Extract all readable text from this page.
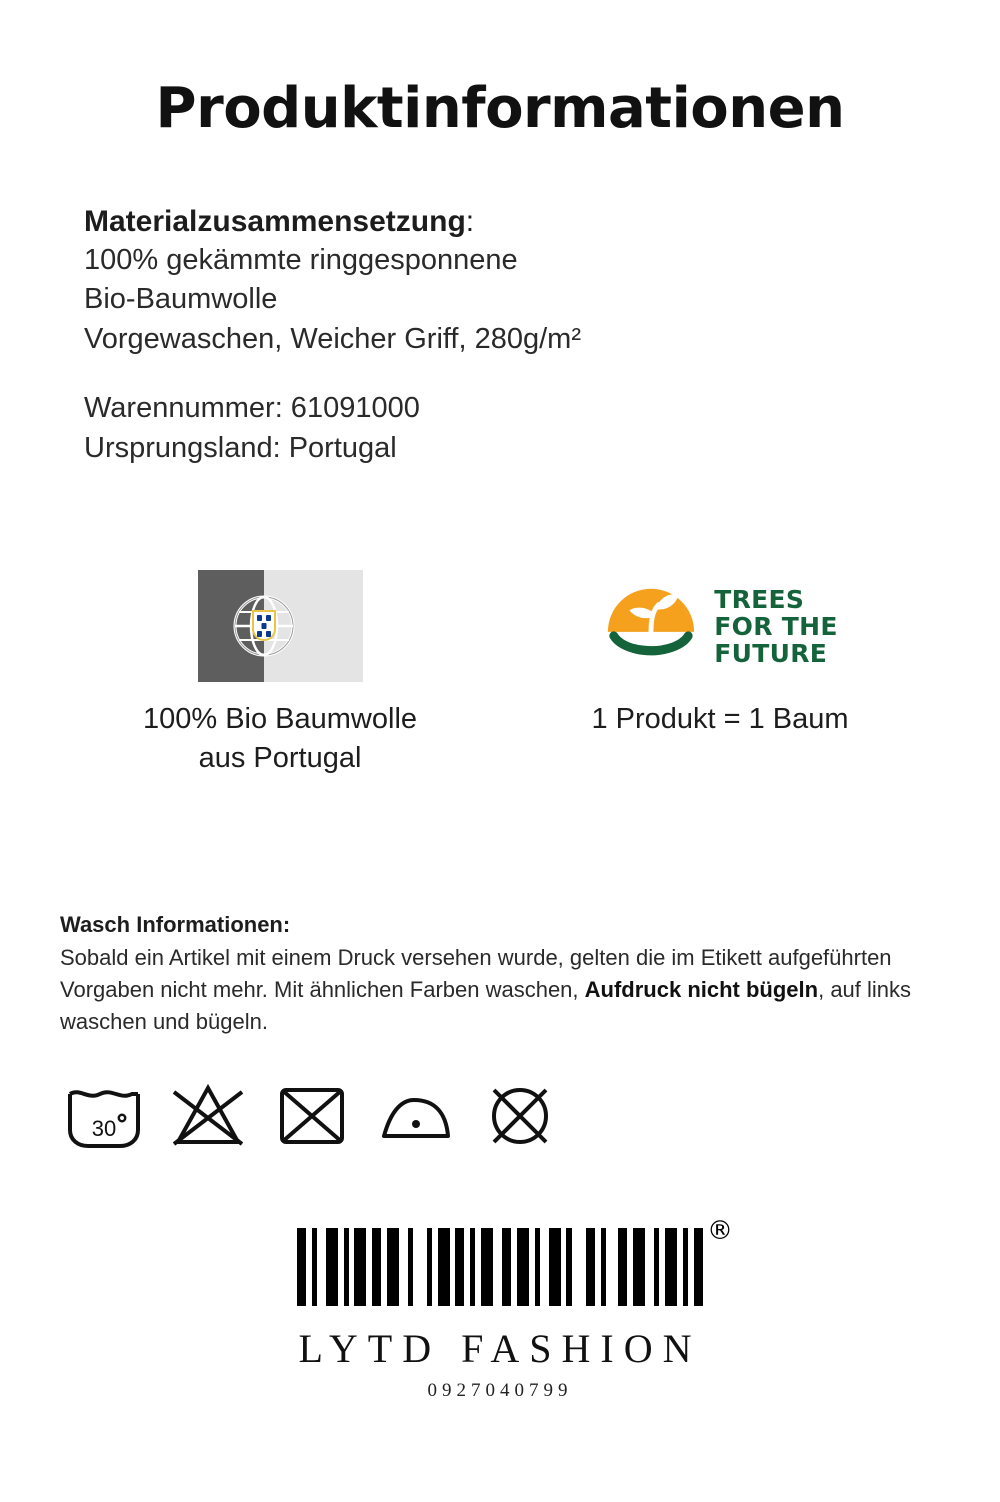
Produktinformationen
Materialzusammensetzung:
100% gekämmte ringgesponnene
Bio-Baumwolle
Vorgewaschen, Weicher Griff, 280g/m²
Warennummer: 61091000
Ursprungsland: Portugal
100% Bio Baumwolle
aus Portugal
TREES
FOR THE
FUTURE
1 Produkt = 1 Baum
Wasch Informationen:
Sobald ein Artikel mit einem Druck versehen wurde, gelten die im Etikett aufgeführten Vorgaben nicht mehr. Mit ähnlichen Farben waschen, Aufdruck nicht bügeln, auf links waschen und bügeln.
30
®
LYTD FASHION
0927040799
